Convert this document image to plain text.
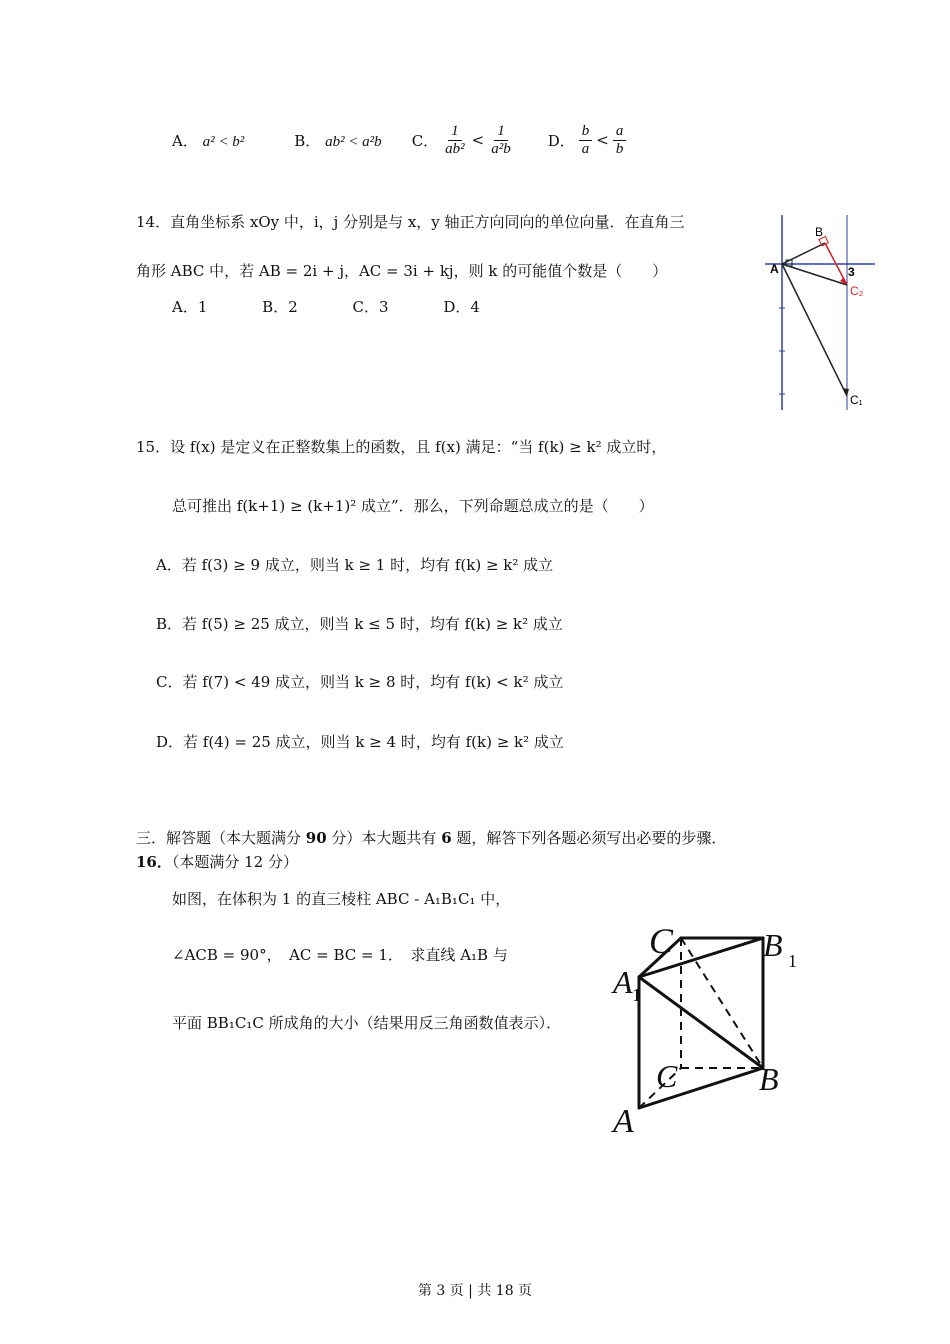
A． a² < b²	B． ab² < a²b C． $\frac{1}{\text{ab²}} < \frac{1}{\text{a²b}}$ D． $\frac{b}{a} < \frac{a}{b}$
14．直角坐标系 xOy 中，i，j 分别是与 x，y 轴正方向同向的单位向量．在直角三
角形 ABC 中，若 AB = 2i + j，AC = 3i + kj，则 k 的可能值个数是（　　）
A．1	B．2	C．3	D．4
A
B
3
C₂
C₁
15．设 f(x) 是定义在正整数集上的函数，且 f(x) 满足：“当 f(k) ≥ k² 成立时，
总可推出 f(k+1) ≥ (k+1)² 成立”．那么，下列命题总成立的是（　　）
A．若 f(3) ≥ 9 成立，则当 k ≥ 1 时，均有 f(k) ≥ k² 成立
B．若 f(5) ≥ 25 成立，则当 k ≤ 5 时，均有 f(k) ≥ k² 成立
C．若 f(7) < 49 成立，则当 k ≥ 8 时，均有 f(k) < k² 成立
D．若 f(4) = 25 成立，则当 k ≥ 4 时，均有 f(k) ≥ k² 成立
三．解答题（本大题满分 90 分）本大题共有 6 题，解答下列各题必须写出必要的步骤．
16．（本题满分 12 分）
如图，在体积为 1 的直三棱柱 ABC - A₁B₁C₁ 中，
∠ACB = 90°，　AC = BC = 1．　求直线 A₁B 与
平面 BB₁C₁C 所成角的大小（结果用反三角函数值表示）．
C	B 1
A 1
C	B
A
第 3 页 | 共 18 页
